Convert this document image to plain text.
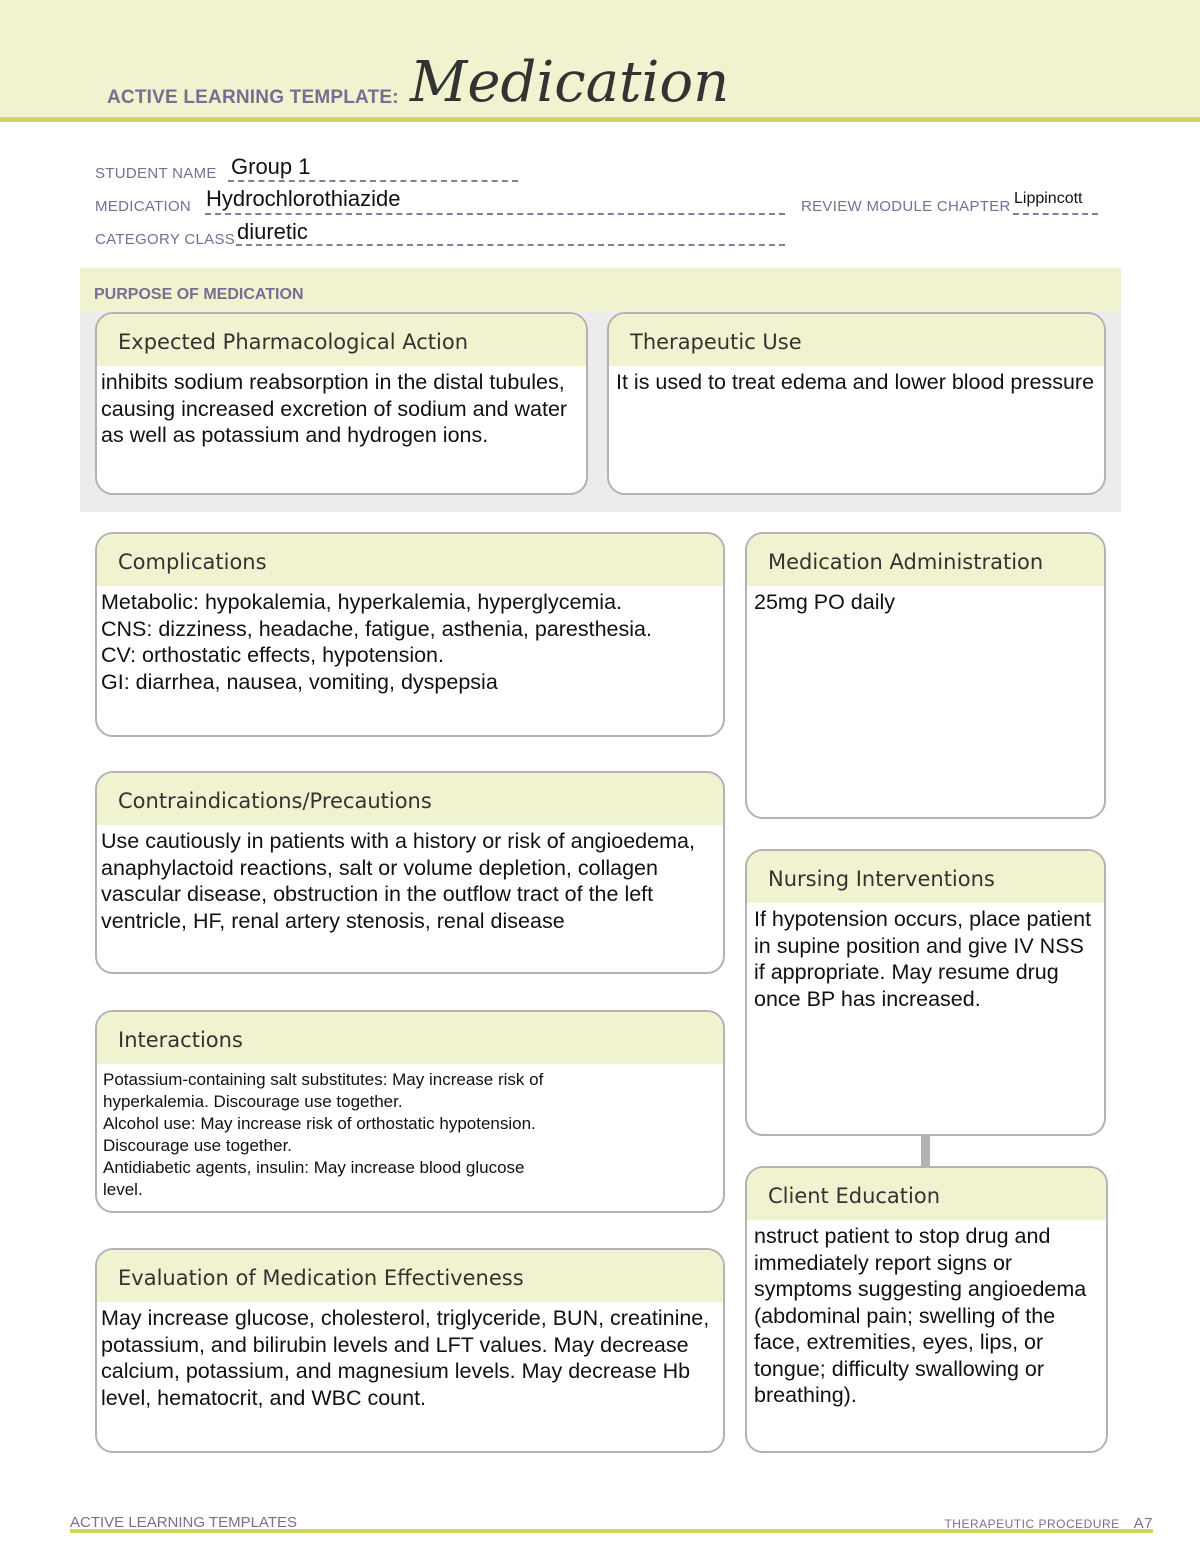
ACTIVE LEARNING TEMPLATE: Medication
STUDENT NAME Group 1
MEDICATION Hydrochlorothiazide	REVIEW MODULE CHAPTER Lippincott
CATEGORY CLASS diuretic
PURPOSE OF MEDICATION
Expected Pharmacological Action
inhibits sodium reabsorption in the distal tubules, causing increased excretion of sodium and water as well as potassium and hydrogen ions.
Therapeutic Use
It is used to treat edema and lower blood pressure
Complications
Metabolic: hypokalemia, hyperkalemia, hyperglycemia.
CNS: dizziness, headache, fatigue, asthenia, paresthesia.
CV: orthostatic effects, hypotension.
GI: diarrhea, nausea, vomiting, dyspepsia
Contraindications/Precautions
Use cautiously in patients with a history or risk of angioedema, anaphylactoid reactions, salt or volume depletion, collagen vascular disease, obstruction in the outflow tract of the left ventricle, HF, renal artery stenosis, renal disease
Interactions
Potassium-containing salt substitutes: May increase risk of
hyperkalemia. Discourage use together.
Alcohol use: May increase risk of orthostatic hypotension.
Discourage use together.
Antidiabetic agents, insulin: May increase blood glucose
level.
Evaluation of Medication Effectiveness
May increase glucose, cholesterol, triglyceride, BUN, creatinine, potassium, and bilirubin levels and LFT values. May decrease calcium, potassium, and magnesium levels. May decrease Hb level, hematocrit, and WBC count.
Medication Administration
25mg PO daily
Nursing Interventions
If hypotension occurs, place patient in supine position and give IV NSS if appropriate. May resume drug once BP has increased.
Client Education
nstruct patient to stop drug and immediately report signs or symptoms suggesting angioedema (abdominal pain; swelling of the face, extremities, eyes, lips, or tongue; difficulty swallowing or breathing).
ACTIVE LEARNING TEMPLATES	THERAPEUTIC PROCEDURE A7
